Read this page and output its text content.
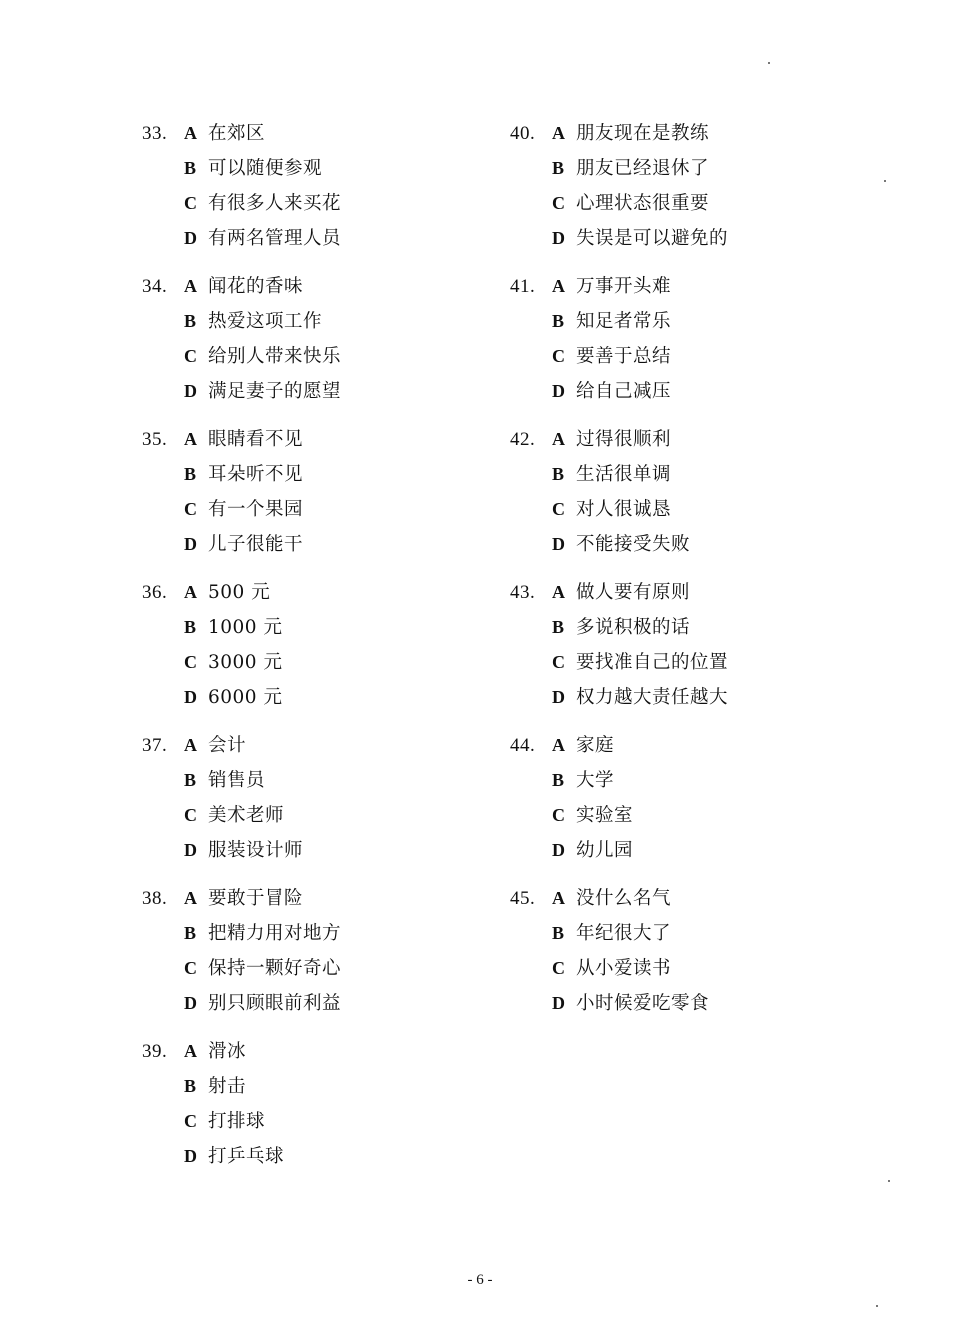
33. A 在郊区
B 可以随便参观
C 有很多人来买花
D 有两名管理人员
34. A 闻花的香味
B 热爱这项工作
C 给别人带来快乐
D 满足妻子的愿望
35. A 眼睛看不见
B 耳朵听不见
C 有一个果园
D 儿子很能干
36. A 500 元
B 1000 元
C 3000 元
D 6000 元
37. A 会计
B 销售员
C 美术老师
D 服装设计师
38. A 要敢于冒险
B 把精力用对地方
C 保持一颗好奇心
D 别只顾眼前利益
39. A 滑冰
B 射击
C 打排球
D 打乒乓球
40. A 朋友现在是教练
B 朋友已经退休了
C 心理状态很重要
D 失误是可以避免的
41. A 万事开头难
B 知足者常乐
C 要善于总结
D 给自己减压
42. A 过得很顺利
B 生活很单调
C 对人很诚恳
D 不能接受失败
43. A 做人要有原则
B 多说积极的话
C 要找准自己的位置
D 权力越大责任越大
44. A 家庭
B 大学
C 实验室
D 幼儿园
45. A 没什么名气
B 年纪很大了
C 从小爱读书
D 小时候爱吃零食
- 6 -
